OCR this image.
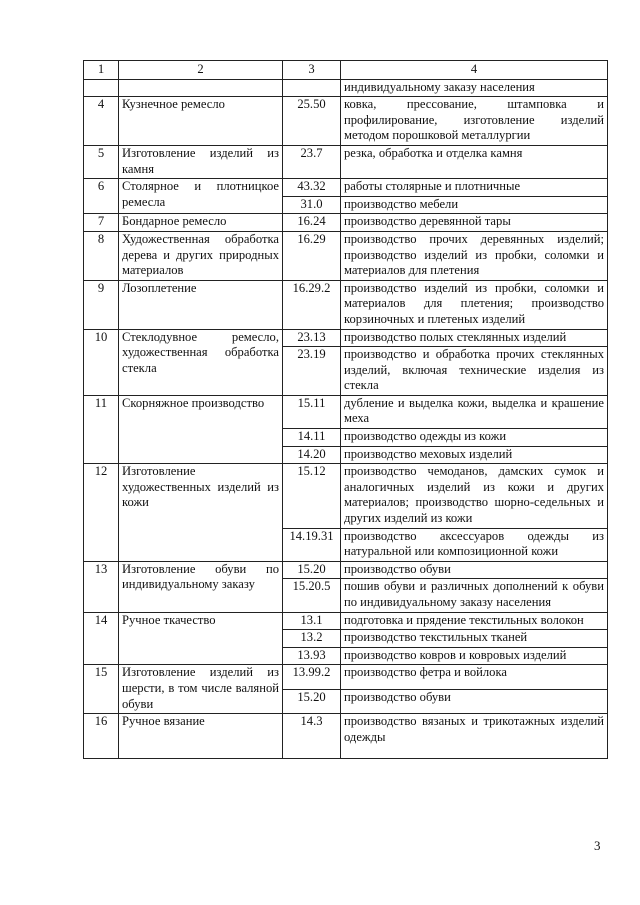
1	2	3	4
			индивидуальному заказу населения
4	Кузнечное ремесло	25.50	ковка, прессование, штамповка и профилирование, изготовление изделий методом порошковой металлургии
5	Изготовление изделий из камня	23.7	резка, обработка и отделка камня
6	Столярное и плотницкое ремесла	43.32	работы столярные и плотничные
		31.0	производство мебели
7	Бондарное ремесло	16.24	производство деревянной тары
8	Художественная обработка дерева и других природных материалов	16.29	производство прочих деревянных изделий; производство изделий из пробки, соломки и материалов для плетения
9	Лозоплетение	16.29.2	производство изделий из пробки, соломки и материалов для плетения; производство корзиночных и плетеных изделий
10	Стеклодувное ремесло, художественная обработка стекла	23.13	производство полых стеклянных изделий
		23.19	производство и обработка прочих стеклянных изделий, включая технические изделия из стекла
11	Скорняжное производство	15.11	дубление и выделка кожи, выделка и крашение меха
		14.11	производство одежды из кожи
		14.20	производство меховых изделий
12	Изготовление художественных изделий из кожи	15.12	производство чемоданов, дамских сумок и аналогичных изделий из кожи и других материалов; производство шорно-седельных и других изделий из кожи
		14.19.31	производство аксессуаров одежды из натуральной или композиционной кожи
13	Изготовление обуви по индивидуальному заказу	15.20	производство обуви
		15.20.5	пошив обуви и различных дополнений к обуви по индивидуальному заказу населения
14	Ручное ткачество	13.1	подготовка и прядение текстильных волокон
		13.2	производство текстильных тканей
		13.93	производство ковров и ковровых изделий
15	Изготовление изделий из шерсти, в том числе валяной обуви	13.99.2	производство фетра и войлока
		15.20	производство обуви
16	Ручное вязание	14.3	производство вязаных и трикотажных изделий одежды
3
